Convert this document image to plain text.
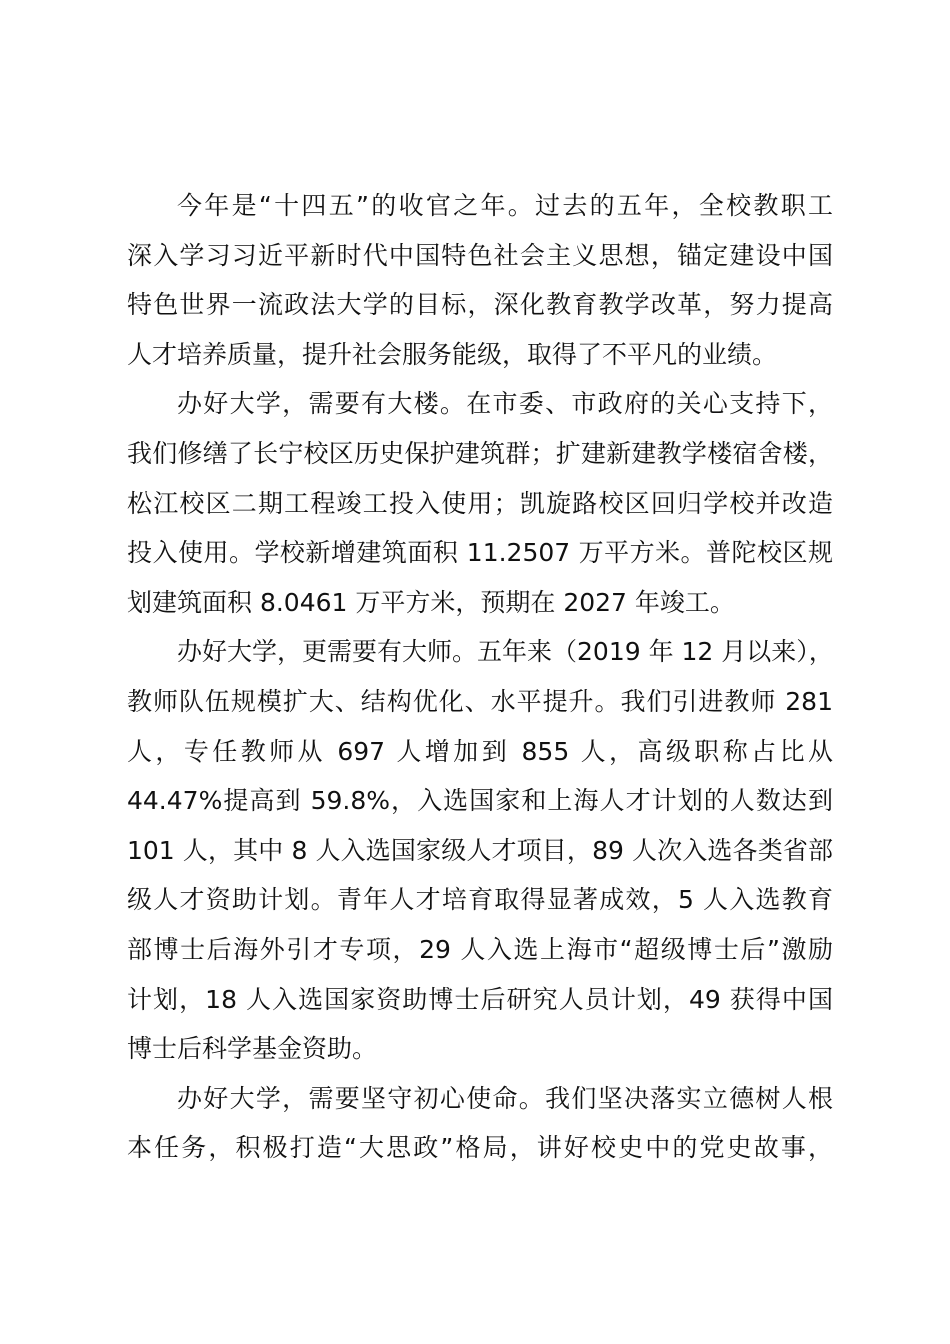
今年是“十四五”的收官之年。过去的五年，全校教职工
深入学习习近平新时代中国特色社会主义思想，锚定建设中国
特色世界一流政法大学的目标，深化教育教学改革，努力提高
人才培养质量，提升社会服务能级，取得了不平凡的业绩。

办好大学，需要有大楼。在市委、市政府的关心支持下，
我们修缮了长宁校区历史保护建筑群；扩建新建教学楼宿舍楼，
松江校区二期工程竣工投入使用；凯旋路校区回归学校并改造
投入使用。学校新增建筑面积 11.2507 万平方米。普陀校区规
划建筑面积 8.0461 万平方米，预期在 2027 年竣工。

办好大学，更需要有大师。五年来（2019 年 12 月以来），
教师队伍规模扩大、结构优化、水平提升。我们引进教师 281
人，专任教师从 697 人增加到 855 人，高级职称占比从
44.47%提高到 59.8%，入选国家和上海人才计划的人数达到
101 人，其中 8 人入选国家级人才项目，89 人次入选各类省部
级人才资助计划。青年人才培育取得显著成效，5 人入选教育
部博士后海外引才专项，29 人入选上海市“超级博士后”激励
计划，18 人入选国家资助博士后研究人员计划，49 获得中国
博士后科学基金资助。

办好大学，需要坚守初心使命。我们坚决落实立德树人根
本任务，积极打造“大思政”格局，讲好校史中的党史故事，
